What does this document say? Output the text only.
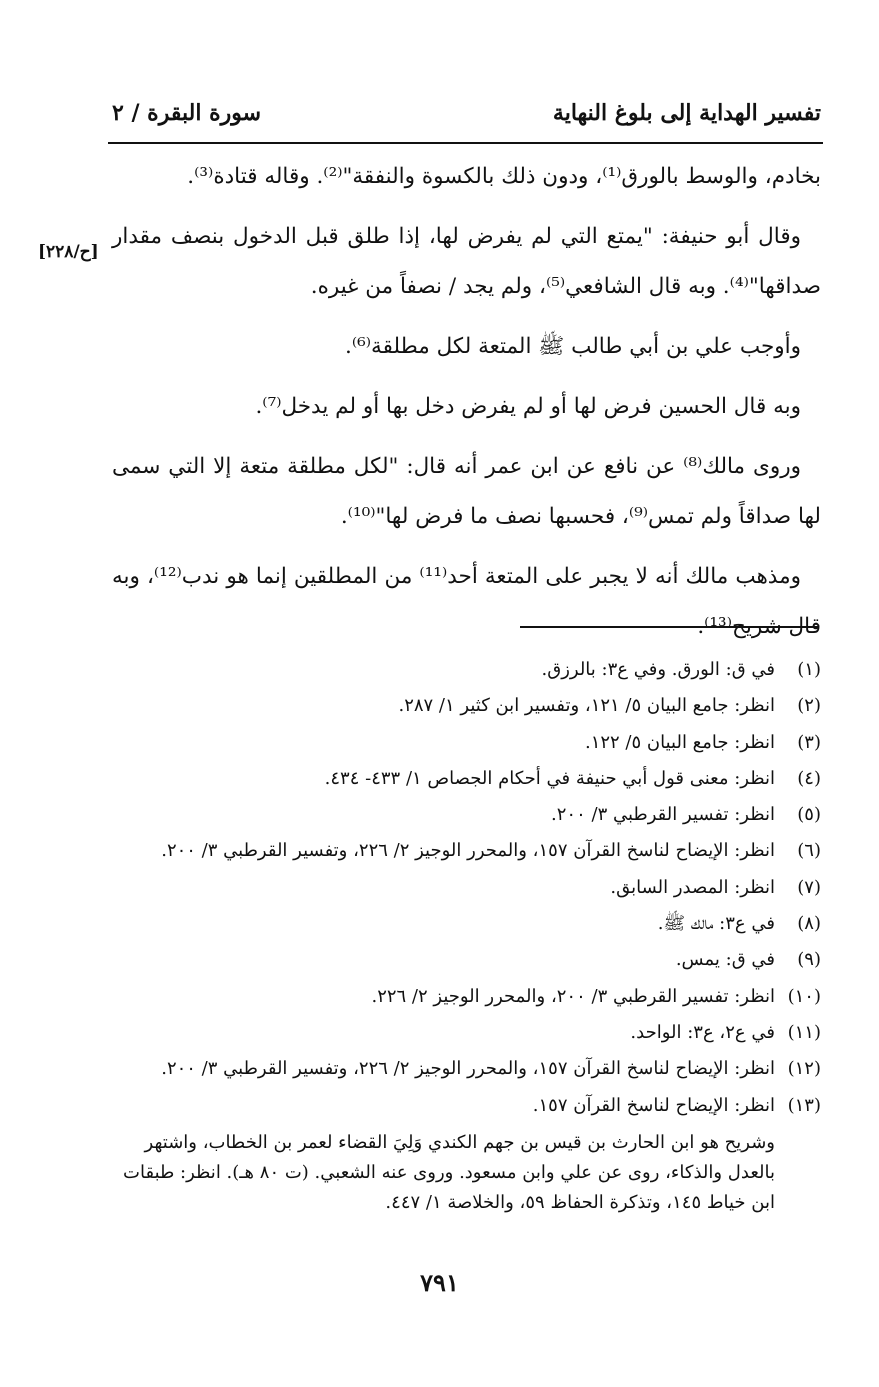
تفسير الهداية إلى بلوغ النهاية
سورة البقرة / ٢
[ح/٢٢٨]

بخادم، والوسط بالورق⁽¹⁾، ودون ذلك بالكسوة والنفقة"⁽²⁾. وقاله قتادة⁽³⁾.

وقال أبو حنيفة: "يمتع التي لم يفرض لها، إذا طلق قبل الدخول بنصف مقدار صداقها"⁽⁴⁾. وبه قال الشافعي⁽⁵⁾، ولم يجد / نصفاً من غيره.

وأوجب علي بن أبي طالب ﷺ المتعة لكل مطلقة⁽⁶⁾.

وبه قال الحسين فرض لها أو لم يفرض دخل بها أو لم يدخل⁽⁷⁾.

وروى مالك⁽⁸⁾ عن نافع عن ابن عمر أنه قال: "لكل مطلقة متعة إلا التي سمى لها صداقاً ولم تمس⁽⁹⁾، فحسبها نصف ما فرض لها"⁽¹⁰⁾.

ومذهب مالك أنه لا يجبر على المتعة أحد⁽¹¹⁾ من المطلقين إنما هو ندب⁽¹²⁾، وبه قال شريح⁽¹³⁾.

(١)
في ق: الورق. وفي ع٣: بالرزق.
(٢)
انظر: جامع البيان ٥/ ١٢١، وتفسير ابن كثير ١/ ٢٨٧.
(٣)
انظر: جامع البيان ٥/ ١٢٢.
(٤)
انظر: معنى قول أبي حنيفة في أحكام الجصاص ١/ ٤٣٣- ٤٣٤.
(٥)
انظر: تفسير القرطبي ٣/ ٢٠٠.
(٦)
انظر: الإيضاح لناسخ القرآن ١٥٧، والمحرر الوجيز ٢/ ٢٢٦، وتفسير القرطبي ٣/ ٢٠٠.
(٧)
انظر: المصدر السابق.
(٨)
في ع٣: مالك ﷺ.
(٩)
في ق: يمس.
(١٠)
انظر: تفسير القرطبي ٣/ ٢٠٠، والمحرر الوجيز ٢/ ٢٢٦.
(١١)
في ع٢، ع٣: الواحد.
(١٢)
انظر: الإيضاح لناسخ القرآن ١٥٧، والمحرر الوجيز ٢/ ٢٢٦، وتفسير القرطبي ٣/ ٢٠٠.
(١٣)
انظر: الإيضاح لناسخ القرآن ١٥٧.
وشريح هو ابن الحارث بن قيس بن جهم الكندي وَلِيَ القضاء لعمر بن الخطاب، واشتهر بالعدل والذكاء، روى عن علي وابن مسعود. وروى عنه الشعبي. (ت ٨٠ هـ). انظر: طبقات ابن خياط ١٤٥، وتذكرة الحفاظ ٥٩، والخلاصة ١/ ٤٤٧.
٧٩١
